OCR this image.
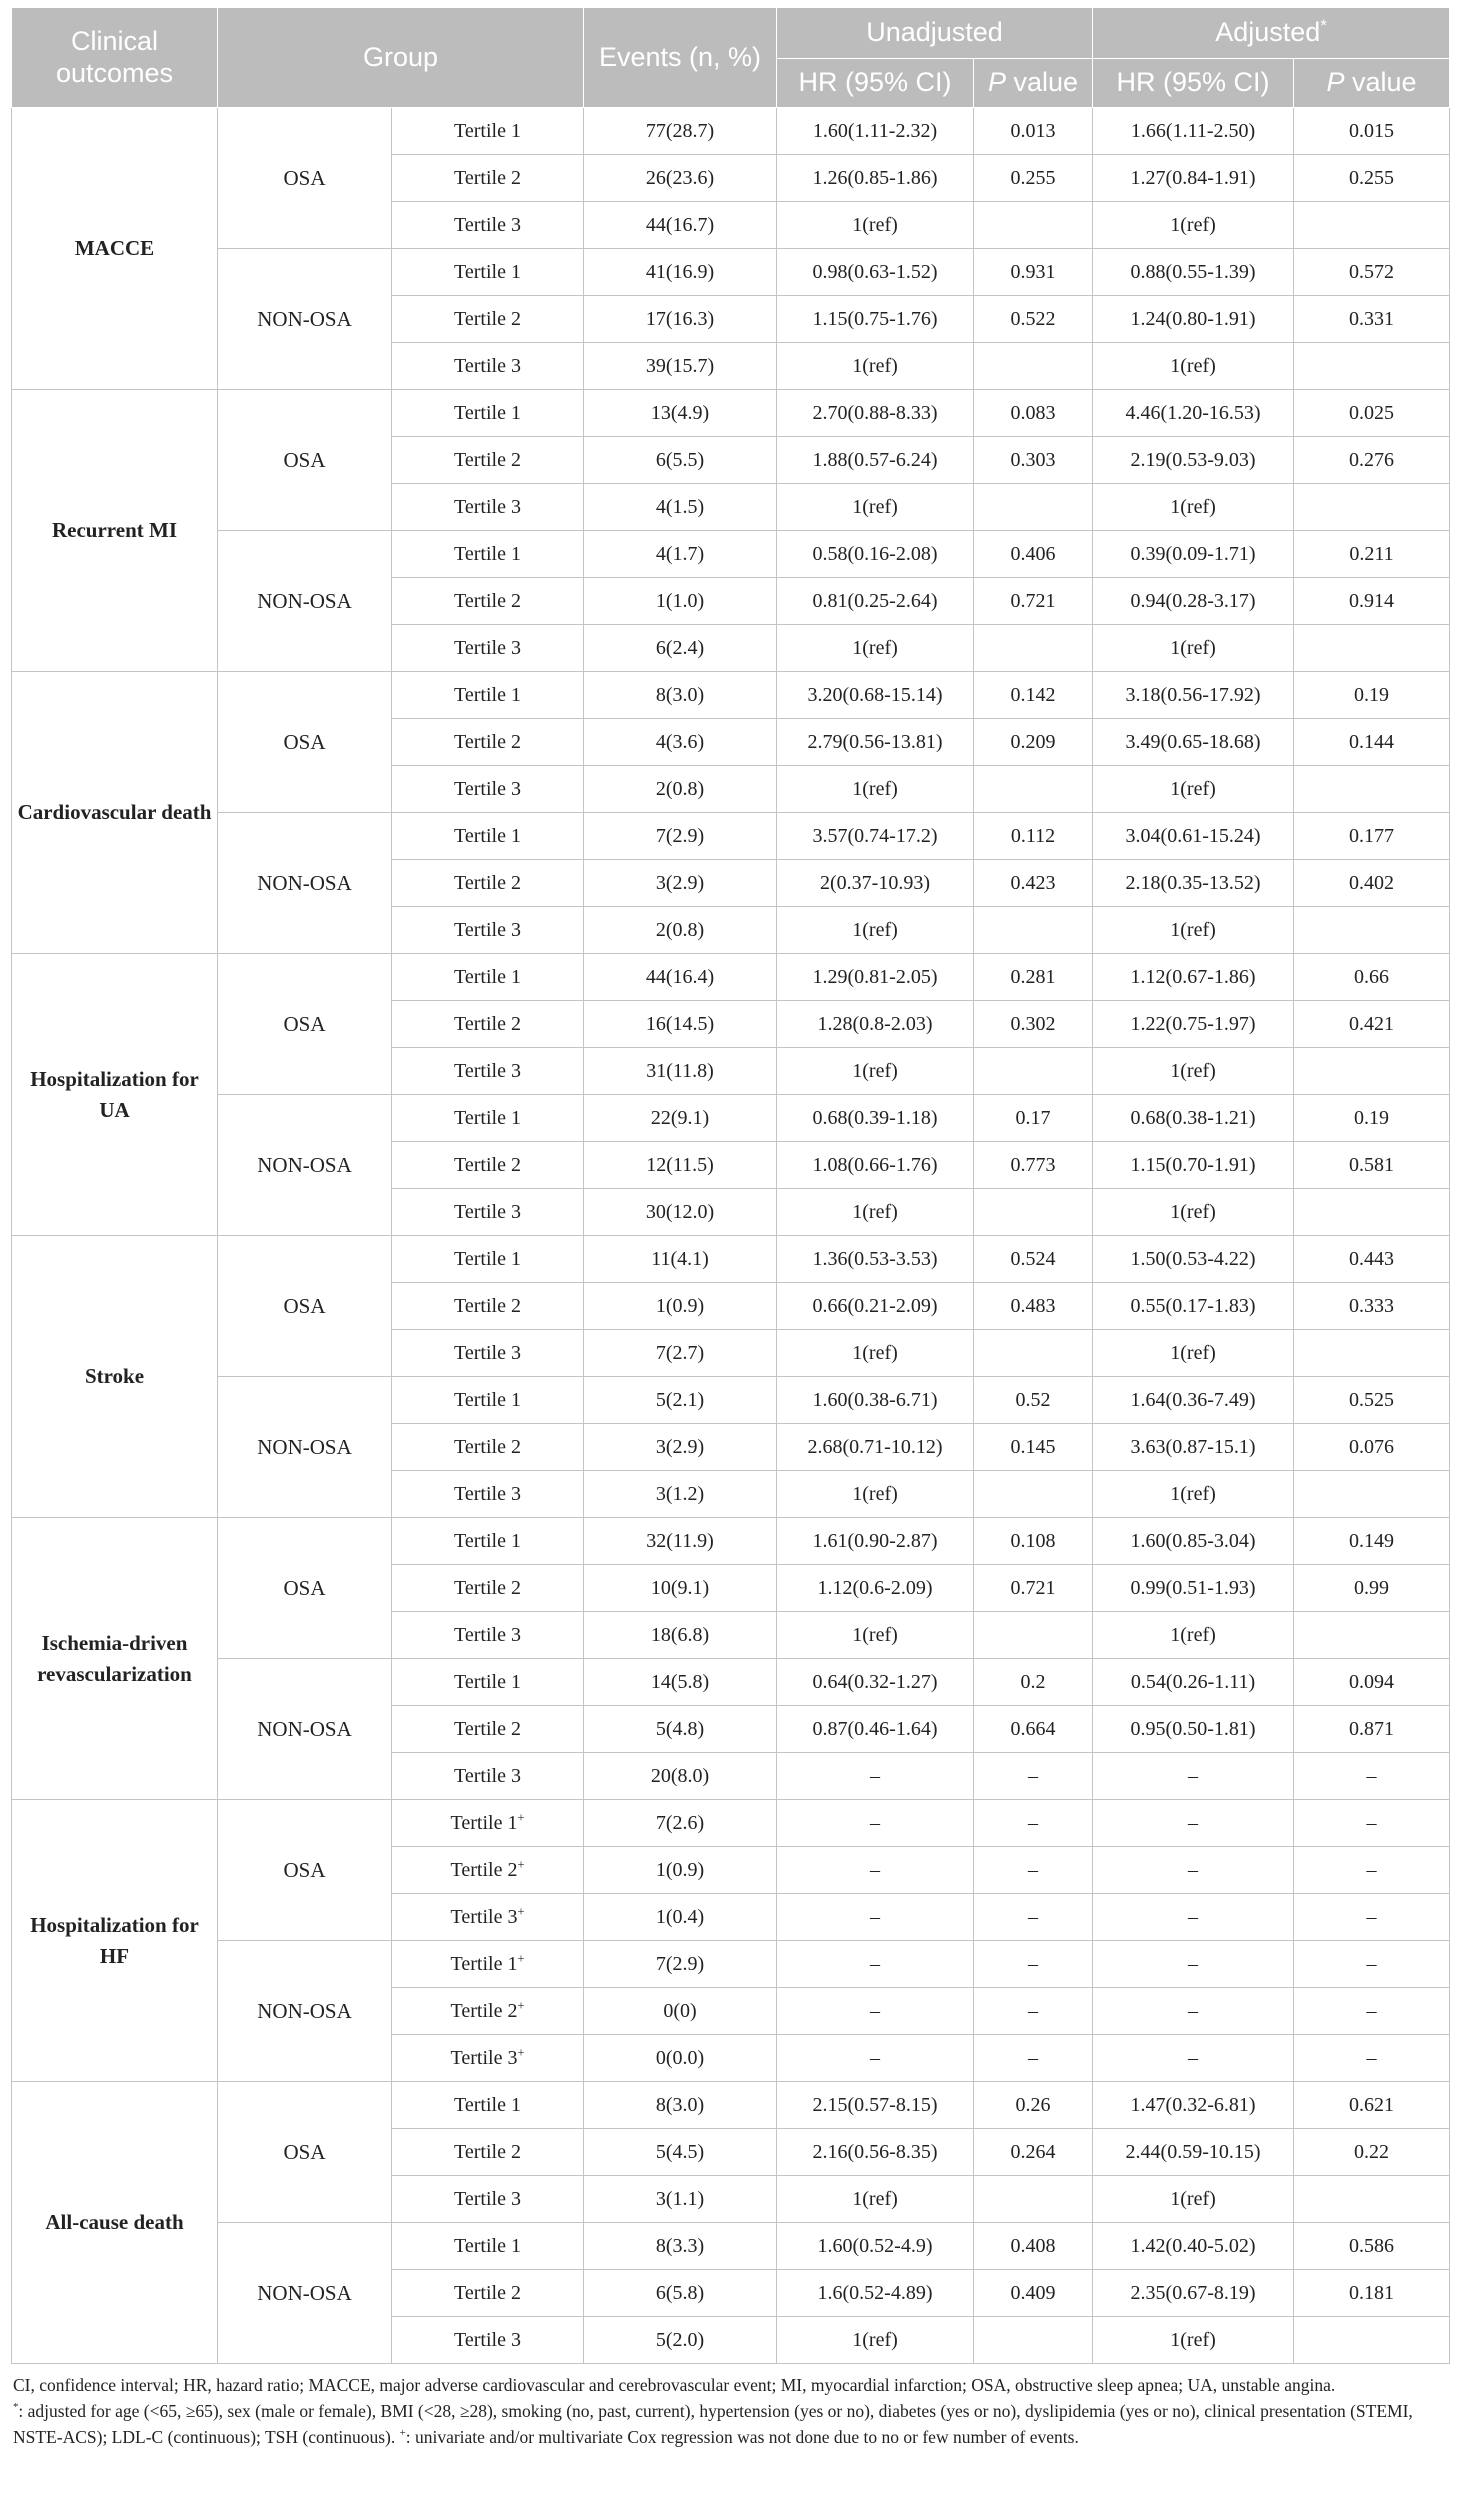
Clinical outcomes	Group		Events (n, %)	Unadjusted		Adjusted*
				HR (95% CI)	P value	HR (95% CI)	P value
MACCE	OSA	Tertile 1	77(28.7)	1.60(1.11-2.32)	0.013	1.66(1.11-2.50)	0.015
		Tertile 2	26(23.6)	1.26(0.85-1.86)	0.255	1.27(0.84-1.91)	0.255
		Tertile 3	44(16.7)	1(ref)		1(ref)	
	NON-OSA	Tertile 1	41(16.9)	0.98(0.63-1.52)	0.931	0.88(0.55-1.39)	0.572
		Tertile 2	17(16.3)	1.15(0.75-1.76)	0.522	1.24(0.80-1.91)	0.331
		Tertile 3	39(15.7)	1(ref)		1(ref)	
Recurrent MI	OSA	Tertile 1	13(4.9)	2.70(0.88-8.33)	0.083	4.46(1.20-16.53)	0.025
		Tertile 2	6(5.5)	1.88(0.57-6.24)	0.303	2.19(0.53-9.03)	0.276
		Tertile 3	4(1.5)	1(ref)		1(ref)	
	NON-OSA	Tertile 1	4(1.7)	0.58(0.16-2.08)	0.406	0.39(0.09-1.71)	0.211
		Tertile 2	1(1.0)	0.81(0.25-2.64)	0.721	0.94(0.28-3.17)	0.914
		Tertile 3	6(2.4)	1(ref)		1(ref)	
Cardiovascular death	OSA	Tertile 1	8(3.0)	3.20(0.68-15.14)	0.142	3.18(0.56-17.92)	0.19
		Tertile 2	4(3.6)	2.79(0.56-13.81)	0.209	3.49(0.65-18.68)	0.144
		Tertile 3	2(0.8)	1(ref)		1(ref)	
	NON-OSA	Tertile 1	7(2.9)	3.57(0.74-17.2)	0.112	3.04(0.61-15.24)	0.177
		Tertile 2	3(2.9)	2(0.37-10.93)	0.423	2.18(0.35-13.52)	0.402
		Tertile 3	2(0.8)	1(ref)		1(ref)	
Hospitalization for UA	OSA	Tertile 1	44(16.4)	1.29(0.81-2.05)	0.281	1.12(0.67-1.86)	0.66
		Tertile 2	16(14.5)	1.28(0.8-2.03)	0.302	1.22(0.75-1.97)	0.421
		Tertile 3	31(11.8)	1(ref)		1(ref)	
	NON-OSA	Tertile 1	22(9.1)	0.68(0.39-1.18)	0.17	0.68(0.38-1.21)	0.19
		Tertile 2	12(11.5)	1.08(0.66-1.76)	0.773	1.15(0.70-1.91)	0.581
		Tertile 3	30(12.0)	1(ref)		1(ref)	
Stroke	OSA	Tertile 1	11(4.1)	1.36(0.53-3.53)	0.524	1.50(0.53-4.22)	0.443
		Tertile 2	1(0.9)	0.66(0.21-2.09)	0.483	0.55(0.17-1.83)	0.333
		Tertile 3	7(2.7)	1(ref)		1(ref)	
	NON-OSA	Tertile 1	5(2.1)	1.60(0.38-6.71)	0.52	1.64(0.36-7.49)	0.525
		Tertile 2	3(2.9)	2.68(0.71-10.12)	0.145	3.63(0.87-15.1)	0.076
		Tertile 3	3(1.2)	1(ref)		1(ref)	
Ischemia-driven revascularization	OSA	Tertile 1	32(11.9)	1.61(0.90-2.87)	0.108	1.60(0.85-3.04)	0.149
		Tertile 2	10(9.1)	1.12(0.6-2.09)	0.721	0.99(0.51-1.93)	0.99
		Tertile 3	18(6.8)	1(ref)		1(ref)	
	NON-OSA	Tertile 1	14(5.8)	0.64(0.32-1.27)	0.2	0.54(0.26-1.11)	0.094
		Tertile 2	5(4.8)	0.87(0.46-1.64)	0.664	0.95(0.50-1.81)	0.871
		Tertile 3	20(8.0)	–	–	–	–
Hospitalization for HF	OSA	Tertile 1+	7(2.6)	–	–	–	–
		Tertile 2+	1(0.9)	–	–	–	–
		Tertile 3+	1(0.4)	–	–	–	–
	NON-OSA	Tertile 1+	7(2.9)	–	–	–	–
		Tertile 2+	0(0)	–	–	–	–
		Tertile 3+	0(0.0)	–	–	–	–
All-cause death	OSA	Tertile 1	8(3.0)	2.15(0.57-8.15)	0.26	1.47(0.32-6.81)	0.621
		Tertile 2	5(4.5)	2.16(0.56-8.35)	0.264	2.44(0.59-10.15)	0.22
		Tertile 3	3(1.1)	1(ref)		1(ref)	
	NON-OSA	Tertile 1	8(3.3)	1.60(0.52-4.9)	0.408	1.42(0.40-5.02)	0.586
		Tertile 2	6(5.8)	1.6(0.52-4.89)	0.409	2.35(0.67-8.19)	0.181
		Tertile 3	5(2.0)	1(ref)		1(ref)	

CI, confidence interval; HR, hazard ratio; MACCE, major adverse cardiovascular and cerebrovascular event; MI, myocardial infarction; OSA, obstructive sleep apnea; UA, unstable angina.

*: adjusted for age (<65, ≥65), sex (male or female), BMI (<28, ≥28), smoking (no, past, current), hypertension (yes or no), diabetes (yes or no), dyslipidemia (yes or no), clinical presentation (STEMI, NSTE-ACS); LDL-C (continuous); TSH (continuous). +: univariate and/or multivariate Cox regression was not done due to no or few number of events.
